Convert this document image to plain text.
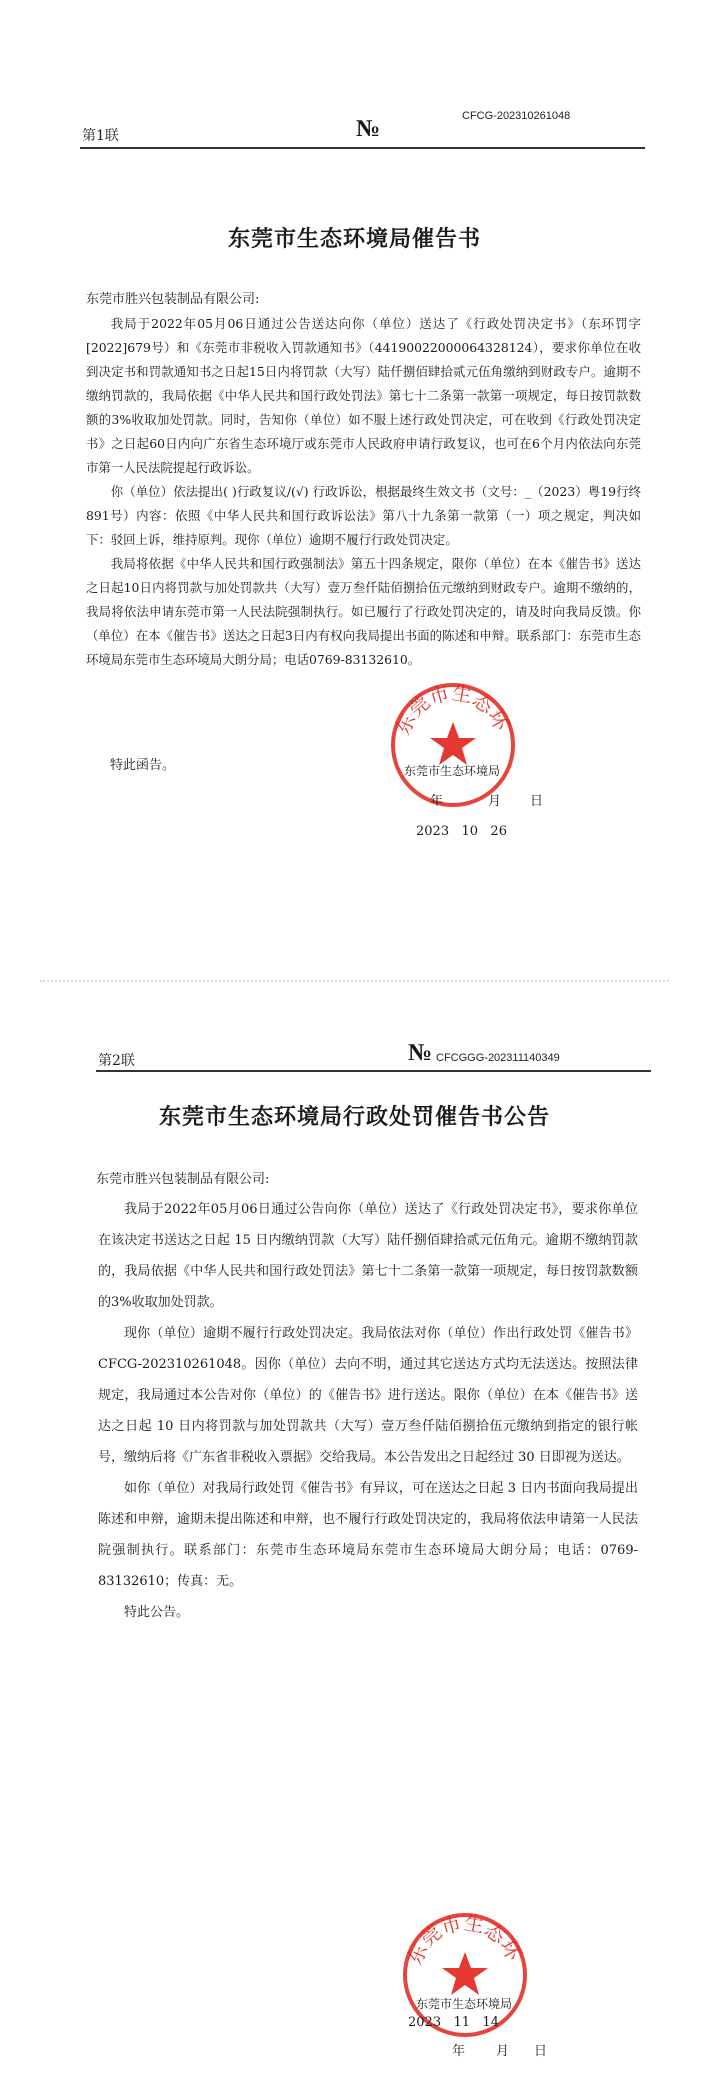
CFCG-202310261048
第1联	№
东莞市生态环境局催告书
东莞市胜兴包装制品有限公司:

我局于2022年05月06日通过公告送达向你（单位）送达了《行政处罚决定书》（东环罚字[2022]679号）和《东莞市非税收入罚款通知书》（4419002200006432812​4），要求你单位在收到决定书和罚款通知书之日起15日内将罚款（大写）陆仟捌佰肆拾贰元伍角缴纳到财政专户。逾期不缴纳罚款的，我局依据《中华人民共和国行政处罚法》第七十二条第一款第一项规定，每日按罚款数额的3%收取加处罚款。同时，告知你（单位）如不服上述行政处罚决定，可在收到《行政处罚决定书》之日起60日内向广东省生态环境厅或东莞市人民政府申请行政复议，也可在6个月内依法向东莞市第一人民法院提起行政诉讼。

你（单位）依法提出( )行政复议/(√) 行政诉讼，根据最终生效文书（文号：_（2023）粤19行终891号）内容：依照《中华人民共和国行政诉讼法》第八十九条第一款第（一）项之规定，判决如下：驳回上诉，维持原判。现你（单位）逾期不履行行政处罚决定。

我局将依据《中华人民共和国行政强制法》第五十四条规定，限你（单位）在本《催告书》送达之日起10日内将罚款与加处罚款共（大写）壹万叁仟陆佰捌拾伍元缴纳到财政专户。逾期不缴纳的，我局将依法申请东莞市第一人民法院强制执行。如已履行了行政处罚决定的，请及时向我局反馈。你（单位）在本《催告书》送达之日起3日内有权向我局提出书面的陈述和申辩。联系部门：东莞市生态环境局东莞市生态环境局大朗分局；电话0769-83132610。

特此函告。
东莞市生态环
东莞市生态环境局
年	月 日
2023   10   26
第2联	№ CFCGGG-202311140349
东莞市生态环境局行政处罚催告书公告
东莞市胜兴包装制品有限公司:

我局于2022年05月06日通过公告向你（单位）送达了《行政处罚决定书》，要求你单位在该决定书送达之日起 15 日内缴纳罚款（大写）陆仟捌佰肆拾贰元伍角元。逾期不缴纳罚款的，我局依据《中华人民共和国行政处罚法》第七十二条第一款第一项规定，每日按罚款数额的3%收取加处罚款。

现你（单位）逾期不履行行政处罚决定。我局依法对你（单位）作出行政处罚《催告书》CFCG-202310261048。因你（单位）去向不明，通过其它送达方式均无法送达。按照法律规定，我局通过本公告对你（单位）的《催告书》进行送达。限你（单位）在本《催告书》送达之日起 10 日内将罚款与加处罚款共（大写）壹万叁仟陆佰捌拾伍元缴纳到指定的银行帐号，缴纳后将《广东省非税收入票据》交给我局。本公告发出之日起经过 30 日即视为送达。

如你（单位）对我局行政处罚《催告书》有异议，可在送达之日起 3 日内书面向我局提出陈述和申辩，逾期未提出陈述和申辩，也不履行行政处罚决定的，我局将依法申请第一人民法院强制执行。联系部门：东莞市生态环境局东莞市生态环境局大朗分局；电话：0769-83132610；传真：无。

特此公告。

东莞市生态环
东莞市生态环境局
2023   11   14
年 月 日
